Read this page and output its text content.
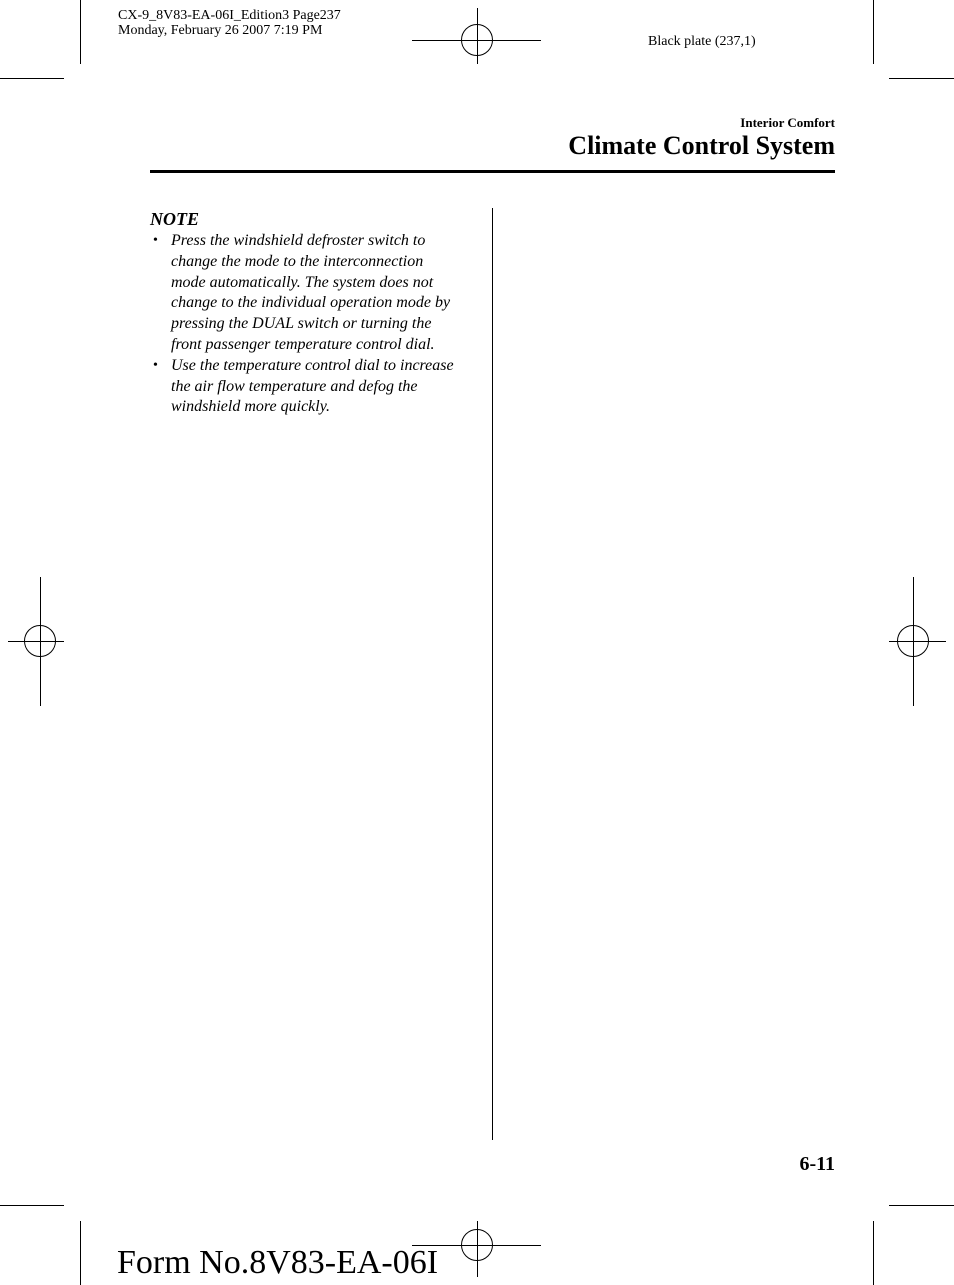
CX-9_8V83-EA-06I_Edition3 Page237
Monday, February 26 2007 7:19 PM
Black plate (237,1)
Interior Comfort
Climate Control System
NOTE
• Press the windshield defroster switch to
change the mode to the interconnection
mode automatically. The system does not
change to the individual operation mode by
pressing the DUAL switch or turning the
front passenger temperature control dial.
• Use the temperature control dial to increase
the air flow temperature and defog the
windshield more quickly.
6-11
Form No.8V83-EA-06I
